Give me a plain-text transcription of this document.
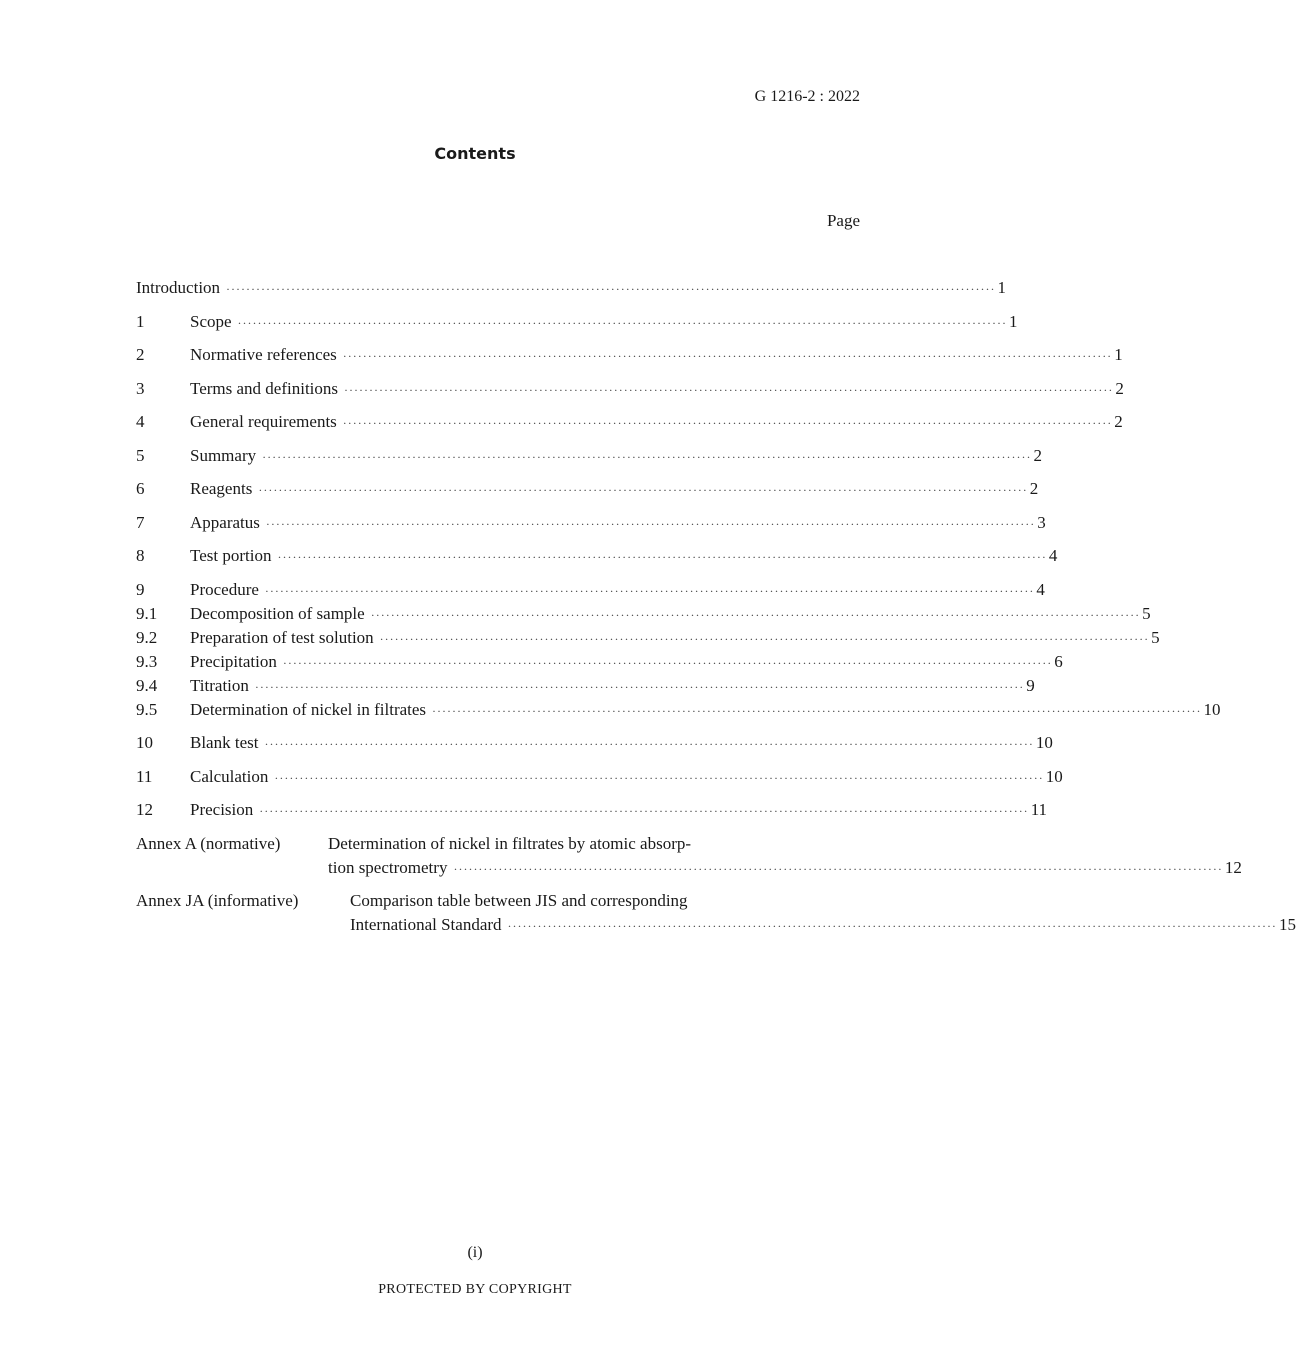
G 1216-2 : 2022
Contents
Page
Introduction ·····	1
1	Scope ·····	1
2	Normative references ·····	1
3	Terms and definitions ·····	2
4	General requirements ·····	2
5	Summary ·····	2
6	Reagents ·····	2
7	Apparatus ·····	3
8	Test portion ·····	4
9	Procedure ·····	4
9.1	Decomposition of sample ·····	5
9.2	Preparation of test solution ·····	5
9.3	Precipitation ·····	6
9.4	Titration ·····	9
9.5	Determination of nickel in filtrates ·····	10
10	Blank test ·····	10
11	Calculation ·····	10
12	Precision ·····	11
Annex A (normative)	Determination of nickel in filtrates by atomic absorp-
tion spectrometry ·····	12
Annex JA (informative)	Comparison table between JIS and corresponding
International Standard ·····	15
(i)
PROTECTED BY COPYRIGHT
